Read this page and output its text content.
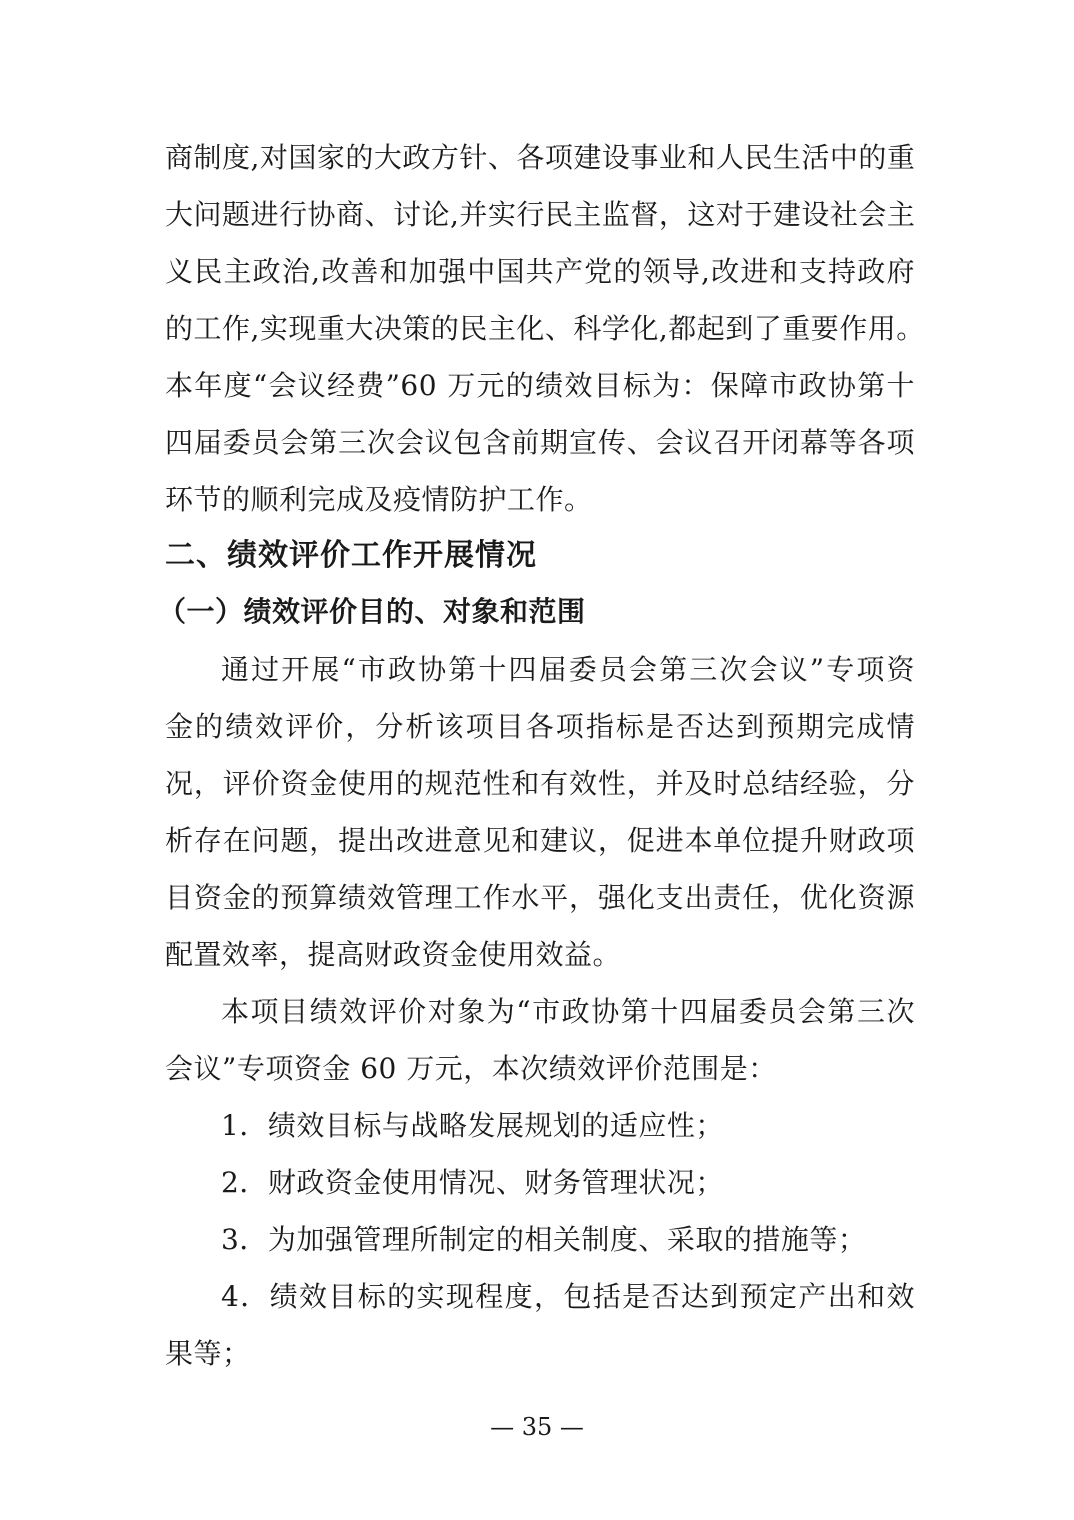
商制度,对国家的大政方针、各项建设事业和人民生活中的重
大问题进行协商、讨论,并实行民主监督，这对于建设社会主
义民主政治,改善和加强中国共产党的领导,改进和支持政府
的工作,实现重大决策的民主化、科学化,都起到了重要作用。
本年度“会议经费”60 万元的绩效目标为：保障市政协第十
四届委员会第三次会议包含前期宣传、会议召开闭幕等各项
环节的顺利完成及疫情防护工作。
二、绩效评价工作开展情况
（一）绩效评价目的、对象和范围
通过开展“市政协第十四届委员会第三次会议”专项资
金的绩效评价，分析该项目各项指标是否达到预期完成情
况，评价资金使用的规范性和有效性，并及时总结经验，分
析存在问题，提出改进意见和建议，促进本单位提升财政项
目资金的预算绩效管理工作水平，强化支出责任，优化资源
配置效率，提高财政资金使用效益。
本项目绩效评价对象为“市政协第十四届委员会第三次
会议”专项资金 60 万元，本次绩效评价范围是：
1．绩效目标与战略发展规划的适应性；
2．财政资金使用情况、财务管理状况；
3．为加强管理所制定的相关制度、采取的措施等；
4．绩效目标的实现程度，包括是否达到预定产出和效
果等；
— 35 —
